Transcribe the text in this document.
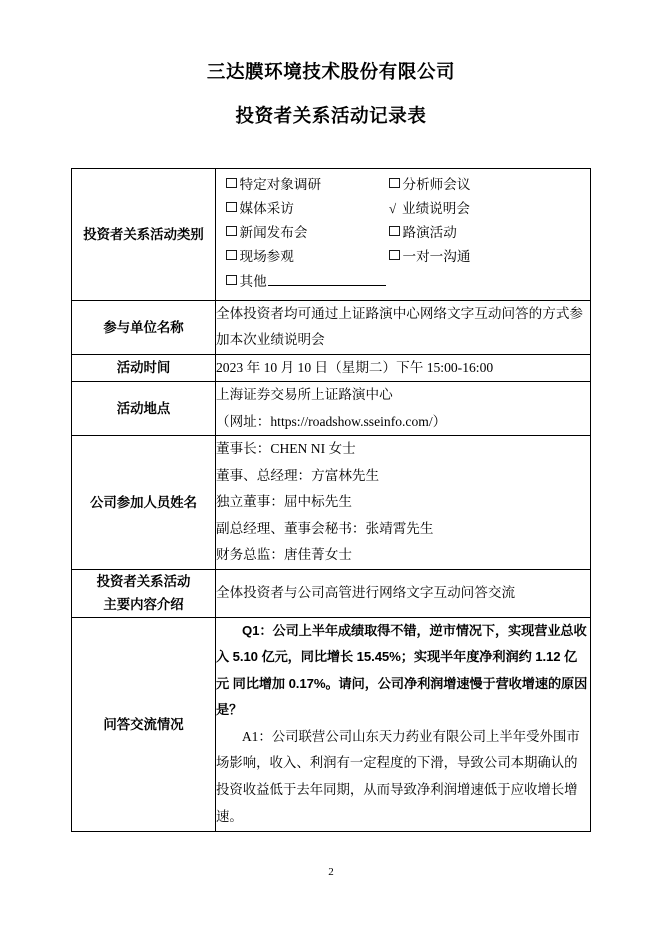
三达膜环境技术股份有限公司
投资者关系活动记录表
投资者关系活动类别	
特定对象调研	分析师会议
媒体采访	√ 业绩说明会
新闻发布会	路演活动
现场参观	一对一沟通
其他

参与单位名称	全体投资者均可通过上证路演中心网络文字互动问答的方式参
加本次业绩说明会

活动时间	2023 年 10 月 10 日（星期二）下午 15:00-16:00

活动地点	上海证券交易所上证路演中心
（网址：https://roadshow.sseinfo.com/）

公司参加人员姓名	董事长：CHEN NI 女士
董事、总经理：方富林先生
独立董事：屈中标先生
副总经理、董事会秘书：张靖霄先生
财务总监：唐佳菁女士

投资者关系活动
主要内容介绍	全体投资者与公司高管进行网络文字互动问答交流

问答交流情况	Q1：公司上半年成绩取得不错，逆市情况下，实现营业总收入 5.10 亿元，同比增长 15.45%；实现半年度净利润约 1.12 亿元 同比增加 0.17%。请问，公司净利润增速慢于营收增速的原因是？
A1：公司联营公司山东天力药业有限公司上半年受外围市场影响，收入、利润有一定程度的下滑，导致公司本期确认的投资收益低于去年同期，从而导致净利润增速低于应收增长增速。
2
